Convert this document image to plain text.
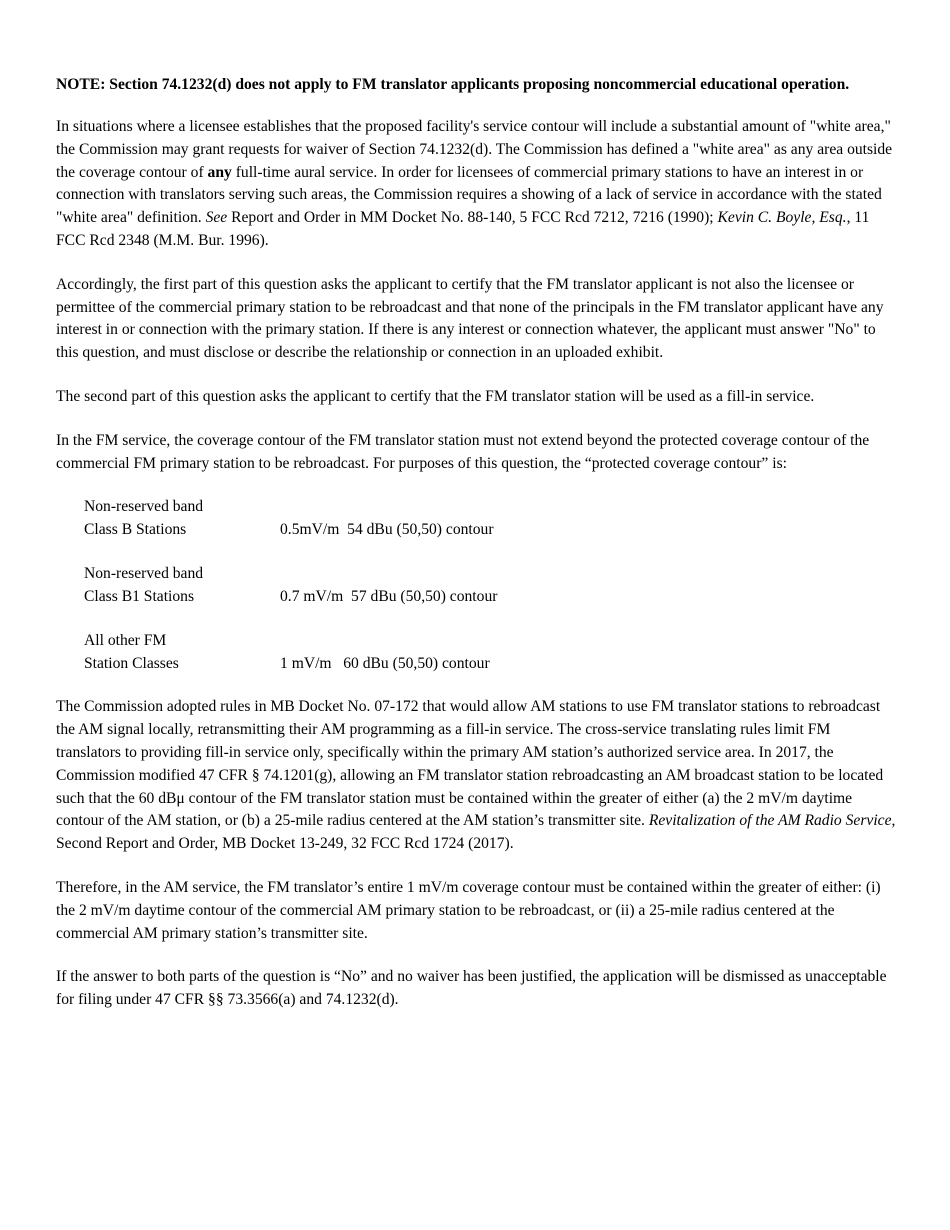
NOTE: Section 74.1232(d) does not apply to FM translator applicants proposing noncommercial educational operation.

In situations where a licensee establishes that the proposed facility's service contour will include a substantial amount of "white area," the Commission may grant requests for waiver of Section 74.1232(d). The Commission has defined a "white area" as any area outside the coverage contour of any full-time aural service. In order for licensees of commercial primary stations to have an interest in or connection with translators serving such areas, the Commission requires a showing of a lack of service in accordance with the stated "white area" definition. See Report and Order in MM Docket No. 88-140, 5 FCC Rcd 7212, 7216 (1990); Kevin C. Boyle, Esq., 11 FCC Rcd 2348 (M.M. Bur. 1996).

Accordingly, the first part of this question asks the applicant to certify that the FM translator applicant is not also the licensee or permittee of the commercial primary station to be rebroadcast and that none of the principals in the FM translator applicant have any interest in or connection with the primary station. If there is any interest or connection whatever, the applicant must answer "No" to this question, and must disclose or describe the relationship or connection in an uploaded exhibit.

The second part of this question asks the applicant to certify that the FM translator station will be used as a fill-in service.

In the FM service, the coverage contour of the FM translator station must not extend beyond the protected coverage contour of the commercial FM primary station to be rebroadcast. For purposes of this question, the “protected coverage contour” is:

Non-reserved band
Class B Stations	0.5mV/m  54 dBu (50,50) contour
Non-reserved band
Class B1 Stations	0.7 mV/m  57 dBu (50,50) contour
All other FM
Station Classes	1 mV/m   60 dBu (50,50) contour

The Commission adopted rules in MB Docket No. 07-172 that would allow AM stations to use FM translator stations to rebroadcast the AM signal locally, retransmitting their AM programming as a fill-in service. The cross-service translating rules limit FM translators to providing fill-in service only, specifically within the primary AM station’s authorized service area. In 2017, the Commission modified 47 CFR § 74.1201(g), allowing an FM translator station rebroadcasting an AM broadcast station to be located such that the 60 dBμ contour of the FM translator station must be contained within the greater of either (a) the 2 mV/m daytime contour of the AM station, or (b) a 25-mile radius centered at the AM station’s transmitter site. Revitalization of the AM Radio Service, Second Report and Order, MB Docket 13-249, 32 FCC Rcd 1724 (2017).

Therefore, in the AM service, the FM translator’s entire 1 mV/m coverage contour must be contained within the greater of either: (i) the 2 mV/m daytime contour of the commercial AM primary station to be rebroadcast, or (ii) a 25-mile radius centered at the commercial AM primary station’s transmitter site.

If the answer to both parts of the question is “No” and no waiver has been justified, the application will be dismissed as unacceptable for filing under 47 CFR §§ 73.3566(a) and 74.1232(d).
